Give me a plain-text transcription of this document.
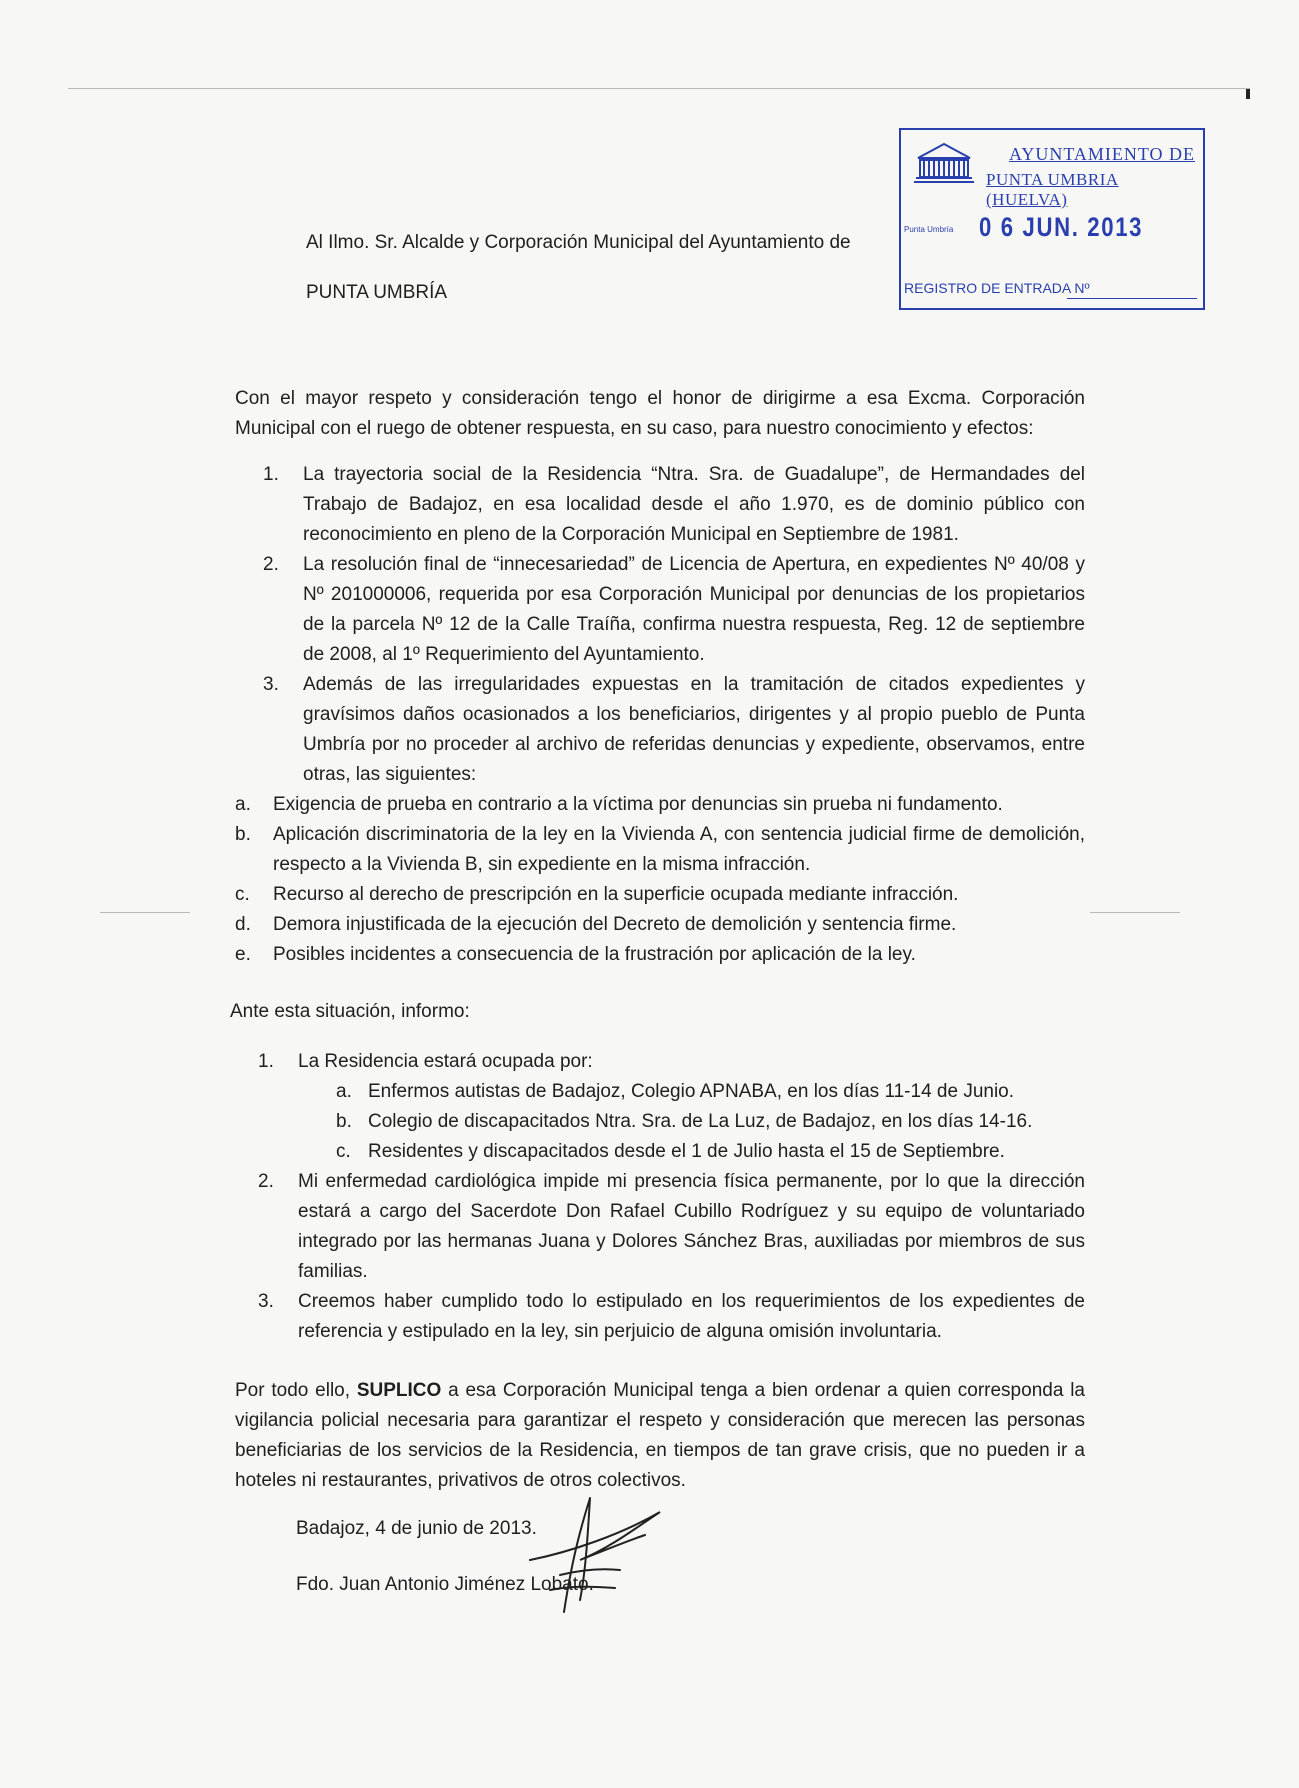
AYUNTAMIENTO DE
PUNTA UMBRIA (HUELVA)
Punta Umbría 0 6 JUN. 2013
REGISTRO DE ENTRADA Nº
Al Ilmo. Sr. Alcalde y Corporación Municipal del Ayuntamiento de
PUNTA UMBRÍA
Con el mayor respeto y consideración tengo el honor de dirigirme a esa Excma. Corporación Municipal con el ruego de obtener respuesta, en su caso, para nuestro conocimiento y efectos:
1. La trayectoria social de la Residencia “Ntra. Sra. de Guadalupe”, de Hermandades del Trabajo de Badajoz, en esa localidad desde el año 1.970, es de dominio público con reconocimiento en pleno de la Corporación Municipal en Septiembre de 1981.
2. La resolución final de “innecesariedad” de Licencia de Apertura, en expedientes Nº 40/08 y Nº 201000006, requerida por esa Corporación Municipal por denuncias de los propietarios de la parcela Nº 12 de la Calle Traíña, confirma nuestra respuesta, Reg. 12 de septiembre de 2008, al 1º Requerimiento del Ayuntamiento.
3. Además de las irregularidades expuestas en la tramitación de citados expedientes y gravísimos daños ocasionados a los beneficiarios, dirigentes y al propio pueblo de Punta Umbría por no proceder al archivo de referidas denuncias y expediente, observamos, entre otras, las siguientes:
a. Exigencia de prueba en contrario a la víctima por denuncias sin prueba ni fundamento.
b. Aplicación discriminatoria de la ley en la Vivienda A, con sentencia judicial firme de demolición, respecto a la Vivienda B, sin expediente en la misma infracción.
c. Recurso al derecho de prescripción en la superficie ocupada mediante infracción.
d. Demora injustificada de la ejecución del Decreto de demolición y sentencia firme.
e. Posibles incidentes a consecuencia de la frustración por aplicación de la ley.
Ante esta situación, informo:
1. La Residencia estará ocupada por:
a. Enfermos autistas de Badajoz, Colegio APNABA, en los días 11-14 de Junio.
b. Colegio de discapacitados Ntra. Sra. de La Luz, de Badajoz, en los días 14-16.
c. Residentes y discapacitados desde el 1 de Julio hasta el 15 de Septiembre.
2. Mi enfermedad cardiológica impide mi presencia física permanente, por lo que la dirección estará a cargo del Sacerdote Don Rafael Cubillo Rodríguez y su equipo de voluntariado integrado por las hermanas Juana y Dolores Sánchez Bras, auxiliadas por miembros de sus familias.
3. Creemos haber cumplido todo lo estipulado en los requerimientos de los expedientes de referencia y estipulado en la ley, sin perjuicio de alguna omisión involuntaria.
Por todo ello, SUPLICO a esa Corporación Municipal tenga a bien ordenar a quien corresponda la vigilancia policial necesaria para garantizar el respeto y consideración que merecen las personas beneficiarias de los servicios de la Residencia, en tiempos de tan grave crisis, que no pueden ir a hoteles ni restaurantes, privativos de otros colectivos.
Badajoz, 4 de junio de 2013.
Fdo. Juan Antonio Jiménez Lobato.
